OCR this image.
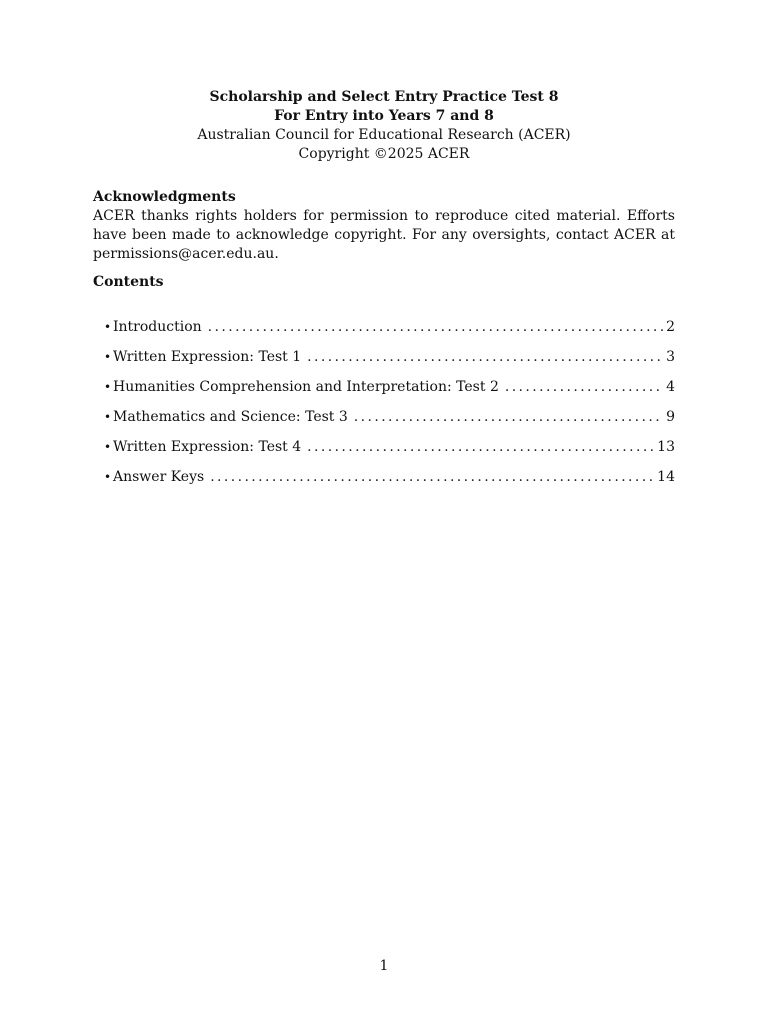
Scholarship and Select Entry Practice Test 8
For Entry into Years 7 and 8
Australian Council for Educational Research (ACER)
Copyright ©2025 ACER
Acknowledgments
ACER thanks rights holders for permission to reproduce cited material. Efforts have been made to acknowledge copyright. For any oversights, contact ACER at permissions@acer.edu.au.
Contents
• Introduction .....	2
• Written Expression: Test 1 .....	3
• Humanities Comprehension and Interpretation: Test 2 .....	4
• Mathematics and Science: Test 3 .....	9
• Written Expression: Test 4 .....	13
• Answer Keys .....	14
1
